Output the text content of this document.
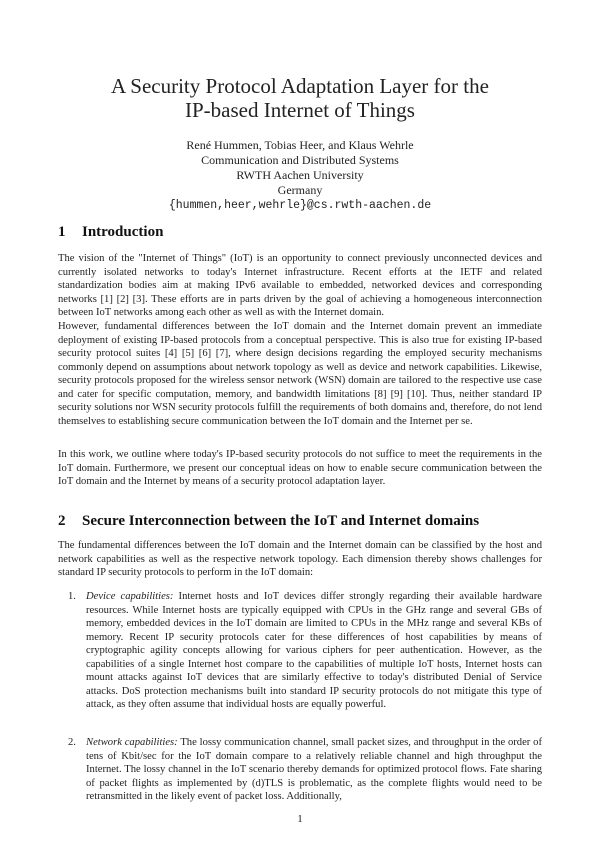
A Security Protocol Adaptation Layer for the
IP-based Internet of Things
René Hummen, Tobias Heer, and Klaus Wehrle
Communication and Distributed Systems
RWTH Aachen University
Germany
{hummen,heer,wehrle}@cs.rwth-aachen.de
1 Introduction

The vision of the "Internet of Things" (IoT) is an opportunity to connect previously unconnected devices and currently isolated networks to today's Internet infrastructure. Recent efforts at the IETF and related standardization bodies aim at making IPv6 available to embedded, networked devices and corresponding networks [1] [2] [3]. These efforts are in parts driven by the goal of achieving a homogeneous interconnection between IoT networks among each other as well as with the Internet domain.

However, fundamental differences between the IoT domain and the Internet domain prevent an immediate deployment of existing IP-based protocols from a conceptual perspective. This is also true for existing IP-based security protocol suites [4] [5] [6] [7], where design decisions regarding the employed security mechanisms commonly depend on assumptions about network topology as well as device and network capabilities. Likewise, security protocols proposed for the wireless sensor network (WSN) domain are tailored to the respective use case and cater for specific computation, memory, and bandwidth limitations [8] [9] [10]. Thus, neither standard IP security solutions nor WSN security protocols fulfill the requirements of both domains and, therefore, do not lend themselves to establishing secure communication between the IoT domain and the Internet per se.

In this work, we outline where today's IP-based security protocols do not suffice to meet the requirements in the IoT domain. Furthermore, we present our conceptual ideas on how to enable secure communication between the IoT domain and the Internet by means of a security protocol adaptation layer.

2 Secure Interconnection between the IoT and Internet domains

The fundamental differences between the IoT domain and the Internet domain can be classified by the host and network capabilities as well as the respective network topology. Each dimension thereby shows challenges for standard IP security protocols to perform in the IoT domain:

1. Device capabilities: Internet hosts and IoT devices differ strongly regarding their available hardware resources. While Internet hosts are typically equipped with CPUs in the GHz range and several GBs of memory, embedded devices in the IoT domain are limited to CPUs in the MHz range and several KBs of memory. Recent IP security protocols cater for these differences of host capabilities by means of cryptographic agility concepts allowing for various ciphers for peer authentication. However, as the capabilities of a single Internet host compare to the capabilities of multiple IoT hosts, Internet hosts can mount attacks against IoT devices that are similarly effective to today's distributed Denial of Service attacks. DoS protection mechanisms built into standard IP security protocols do not mitigate this type of attack, as they often assume that individual hosts are equally powerful.
2. Network capabilities: The lossy communication channel, small packet sizes, and throughput in the order of tens of Kbit/sec for the IoT domain compare to a relatively reliable channel and high throughput the Internet. The lossy channel in the IoT scenario thereby demands for optimized protocol flows. Fate sharing of packet flights as implemented by (d)TLS is problematic, as the complete flights would need to be retransmitted in the likely event of packet loss. Additionally,
1
